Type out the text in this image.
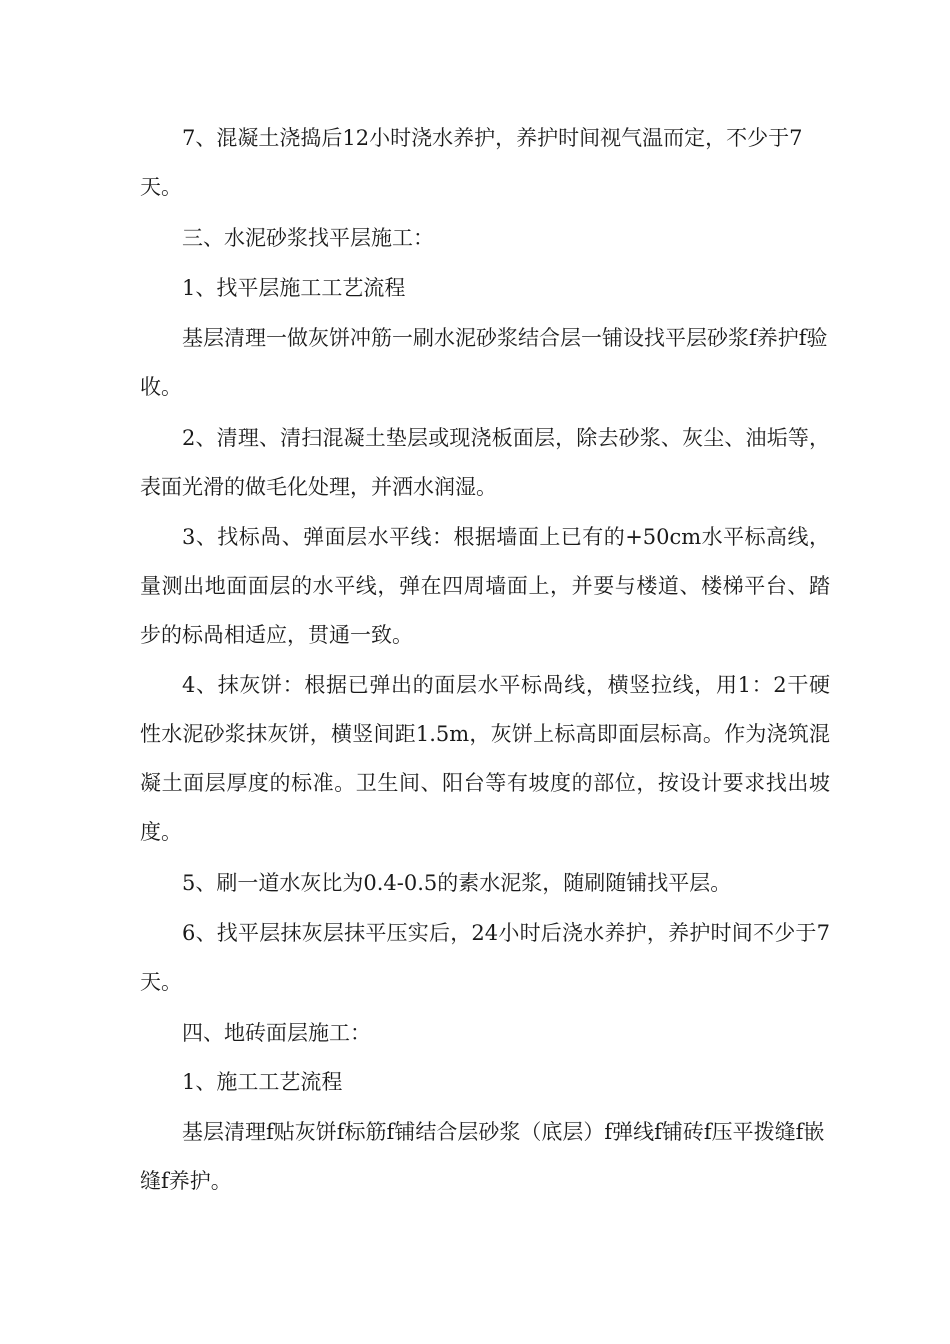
7、混凝土浇捣后12小时浇水养护，养护时间视气温而定，不少于7天。

三、水泥砂浆找平层施工：

1、找平层施工工艺流程

基层清理一做灰饼冲筋一刷水泥砂浆结合层一铺设找平层砂浆f养护f验收。

2、清理、清扫混凝土垫层或现浇板面层，除去砂浆、灰尘、油垢等，表面光滑的做毛化处理，并洒水润湿。

3、找标咼、弹面层水平线：根据墙面上已有的+50cm水平标高线，量测出地面面层的水平线，弹在四周墙面上，并要与楼道、楼梯平台、踏步的标咼相适应，贯通一致。

4、抹灰饼：根据已弹出的面层水平标咼线，横竖拉线，用1：2干硬性水泥砂浆抹灰饼，横竖间距1.5m，灰饼上标高即面层标高。作为浇筑混凝土面层厚度的标准。卫生间、阳台等有坡度的部位，按设计要求找出坡度。

5、刷一道水灰比为0.4-0.5的素水泥浆，随刷随铺找平层。

6、找平层抹灰层抹平压实后，24小时后浇水养护，养护时间不少于7天。

四、地砖面层施工：

1、施工工艺流程

基层清理f贴灰饼f标筋f铺结合层砂浆（底层）f弹线f铺砖f压平拨缝f嵌缝f养护。
